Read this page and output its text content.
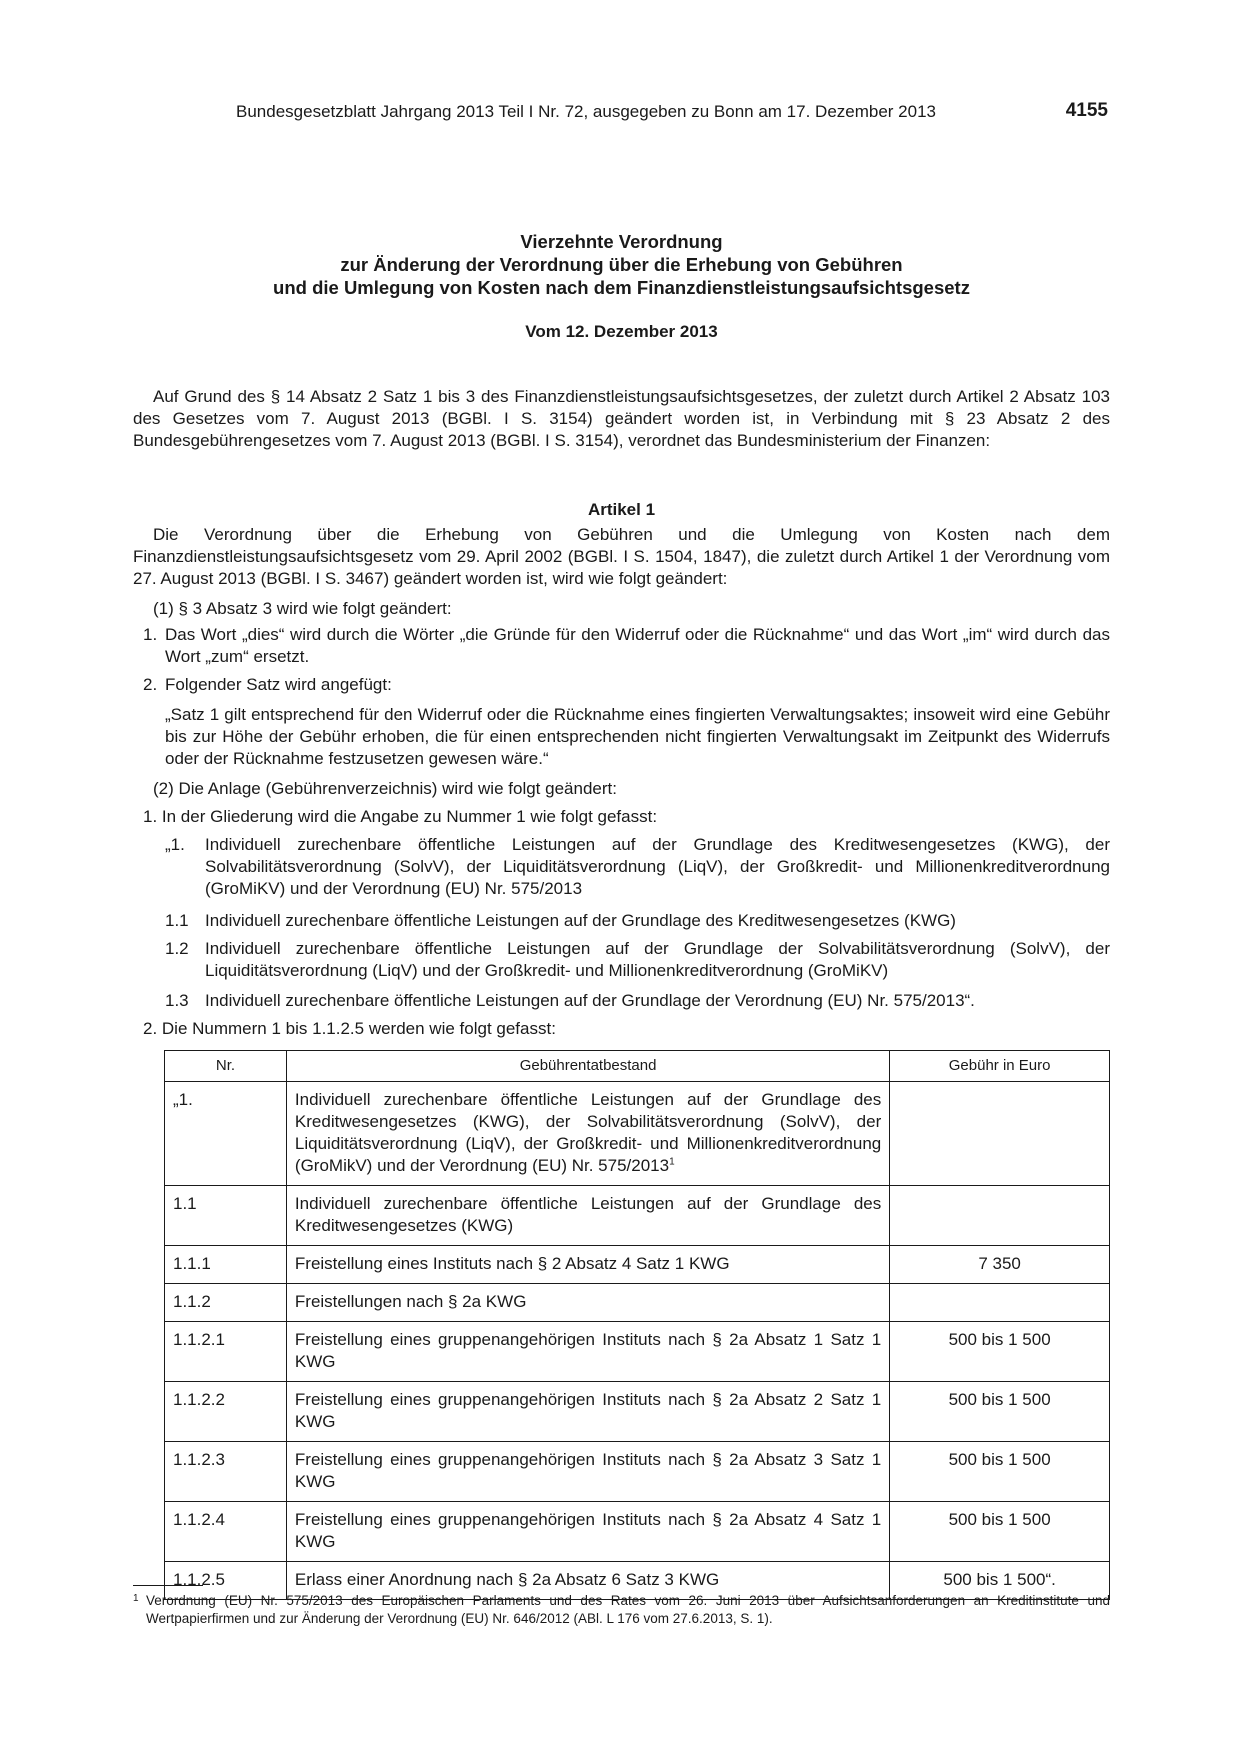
Bundesgesetzblatt Jahrgang 2013 Teil I Nr. 72, ausgegeben zu Bonn am 17. Dezember 2013	4155
Vierzehnte Verordnung
zur Änderung der Verordnung über die Erhebung von Gebühren
und die Umlegung von Kosten nach dem Finanzdienstleistungsaufsichtsgesetz
Vom 12. Dezember 2013
Auf Grund des § 14 Absatz 2 Satz 1 bis 3 des Finanzdienstleistungsaufsichtsgesetzes, der zuletzt durch Artikel 2 Absatz 103 des Gesetzes vom 7. August 2013 (BGBl. I S. 3154) geändert worden ist, in Verbindung mit § 23 Absatz 2 des Bundesgebührengesetzes vom 7. August 2013 (BGBl. I S. 3154), verordnet das Bundesministerium der Finanzen:
Artikel 1
Die Verordnung über die Erhebung von Gebühren und die Umlegung von Kosten nach dem Finanzdienstleistungsaufsichtsgesetz vom 29. April 2002 (BGBl. I S. 1504, 1847), die zuletzt durch Artikel 1 der Verordnung vom 27. August 2013 (BGBl. I S. 3467) geändert worden ist, wird wie folgt geändert:
(1) § 3 Absatz 3 wird wie folgt geändert:
1. Das Wort „dies“ wird durch die Wörter „die Gründe für den Widerruf oder die Rücknahme“ und das Wort „im“ wird durch das Wort „zum“ ersetzt.
2. Folgender Satz wird angefügt:
„Satz 1 gilt entsprechend für den Widerruf oder die Rücknahme eines fingierten Verwaltungsaktes; insoweit wird eine Gebühr bis zur Höhe der Gebühr erhoben, die für einen entsprechenden nicht fingierten Verwaltungsakt im Zeitpunkt des Widerrufs oder der Rücknahme festzusetzen gewesen wäre.“
(2) Die Anlage (Gebührenverzeichnis) wird wie folgt geändert:
1. In der Gliederung wird die Angabe zu Nummer 1 wie folgt gefasst:
„1. Individuell zurechenbare öffentliche Leistungen auf der Grundlage des Kreditwesengesetzes (KWG), der Solvabilitätsverordnung (SolvV), der Liquiditätsverordnung (LiqV), der Großkredit- und Millionenkreditverordnung (GroMiKV) und der Verordnung (EU) Nr. 575/2013
1.1 Individuell zurechenbare öffentliche Leistungen auf der Grundlage des Kreditwesengesetzes (KWG)
1.2 Individuell zurechenbare öffentliche Leistungen auf der Grundlage der Solvabilitätsverordnung (SolvV), der Liquiditätsverordnung (LiqV) und der Großkredit- und Millionenkreditverordnung (GroMiKV)
1.3 Individuell zurechenbare öffentliche Leistungen auf der Grundlage der Verordnung (EU) Nr. 575/2013“.
2. Die Nummern 1 bis 1.1.2.5 werden wie folgt gefasst:
Nr.	Gebührentatbestand	Gebühr in Euro
„1.	Individuell zurechenbare öffentliche Leistungen auf der Grundlage des Kreditwesengesetzes (KWG), der Solvabilitätsverordnung (SolvV), der Liquiditätsverordnung (LiqV), der Großkredit- und Millionenkreditverordnung (GroMikV) und der Verordnung (EU) Nr. 575/2013$^1$	
1.1	Individuell zurechenbare öffentliche Leistungen auf der Grundlage des Kreditwesengesetzes (KWG)	
1.1.1	Freistellung eines Instituts nach § 2 Absatz 4 Satz 1 KWG	7 350
1.1.2	Freistellungen nach § 2a KWG	
1.1.2.1	Freistellung eines gruppenangehörigen Instituts nach § 2a Absatz 1 Satz 1 KWG	500 bis 1 500
1.1.2.2	Freistellung eines gruppenangehörigen Instituts nach § 2a Absatz 2 Satz 1 KWG	500 bis 1 500
1.1.2.3	Freistellung eines gruppenangehörigen Instituts nach § 2a Absatz 3 Satz 1 KWG	500 bis 1 500
1.1.2.4	Freistellung eines gruppenangehörigen Instituts nach § 2a Absatz 4 Satz 1 KWG	500 bis 1 500
1.1.2.5	Erlass einer Anordnung nach § 2a Absatz 6 Satz 3 KWG	500 bis 1 500“.
1 Verordnung (EU) Nr. 575/2013 des Europäischen Parlaments und des Rates vom 26. Juni 2013 über Aufsichtsanforderungen an Kreditinstitute und Wertpapierfirmen und zur Änderung der Verordnung (EU) Nr. 646/2012 (ABl. L 176 vom 27.6.2013, S. 1).
